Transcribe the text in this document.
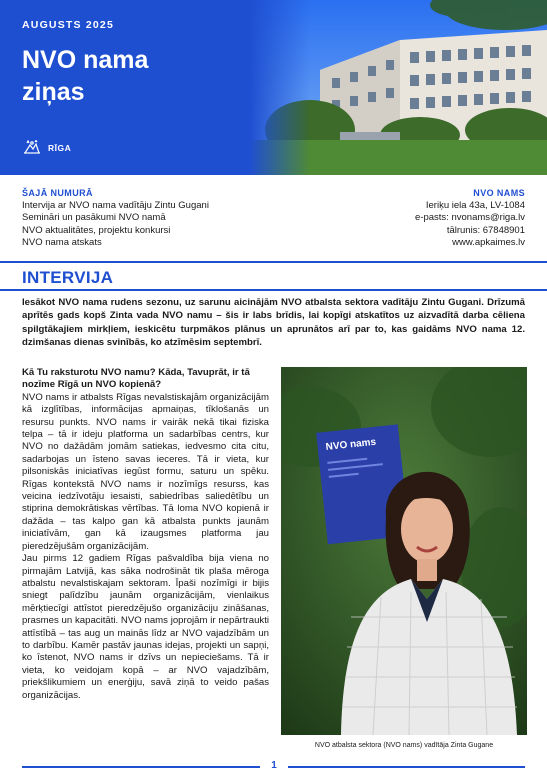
AUGUSTS 2025
NVO nama
ziņas
RĪGA
ŠAJĀ NUMURĀ
Intervija ar NVO nama vadītāju Zintu Gugani
Semināri un pasākumi NVO namā
NVO aktualitātes, projektu konkursi
NVO nama atskats
NVO NAMS
Ieriķu iela 43a, LV-1084
e-pasts: nvonams@riga.lv
tālrunis: 67848901
www.apkaimes.lv
INTERVIJA

Iesākot NVO nama rudens sezonu, uz sarunu aicinājām NVO atbalsta sektora vadītāju Zintu Gugani. Drīzumā aprītēs gads kopš Zinta vada NVO namu – šis ir labs brīdis, lai kopīgi atskatītos uz aizvadītā darba cēliena spilgtākajiem mirkļiem, ieskicētu turpmākos plānus un aprunātos arī par to, kas gaidāms NVO nama 12. dzimšanas dienas svinībās, ko atzīmēsim septembrī.

Kā Tu raksturotu NVO namu? Kāda, Tavuprāt, ir tā nozīme Rīgā un NVO kopienā?

NVO nams ir atbalsts Rīgas nevalstiskajām organizācijām kā izglītības, informācijas apmaiņas, tīklošanās un resursu punkts. NVO nams ir vairāk nekā tikai fiziska telpa – tā ir ideju platforma un sadarbības centrs, kur NVO no dažādām jomām satiekas, iedvesmo cita citu, sadarbojas un īsteno savas ieceres. Tā ir vieta, kur pilsoniskās iniciatīvas iegūst formu, saturu un spēku. Rīgas kontekstā NVO nams ir nozīmīgs resurss, kas veicina iedzīvotāju iesaisti, sabiedrības saliedētību un stiprina demokrātiskas vērtības. Tā loma NVO kopienā ir dažāda – tas kalpo gan kā atbalsta punkts jaunām iniciatīvām, gan kā izaugsmes platforma jau pieredzējušām organizācijām.

Jau pirms 12 gadiem Rīgas pašvaldība bija viena no pirmajām Latvijā, kas sāka nodrošināt tik plaša mēroga atbalstu nevalstiskajam sektoram. Īpaši nozīmīgi ir bijis sniegt palīdzību jaunām organizācijām, vienlaikus mērķtiecīgi attīstot pieredzējušo organizāciju zināšanas, prasmes un kapacitāti. NVO nams joprojām ir nepārtraukti attīstībā – tas aug un mainās līdz ar NVO vajadzībām un to darbību. Kamēr pastāv jaunas idejas, projekti un sapņi, ko īstenot, NVO nams ir dzīvs un nepieciešams. Tā ir vieta, ko veidojam kopā – ar NVO vajadzībām, priekšlikumiem un enerģiju, savā ziņā to veido pašas organizācijas.

NVO nams
NVO atbalsta sektora (NVO nams) vadītāja Zinta Gugane
1
